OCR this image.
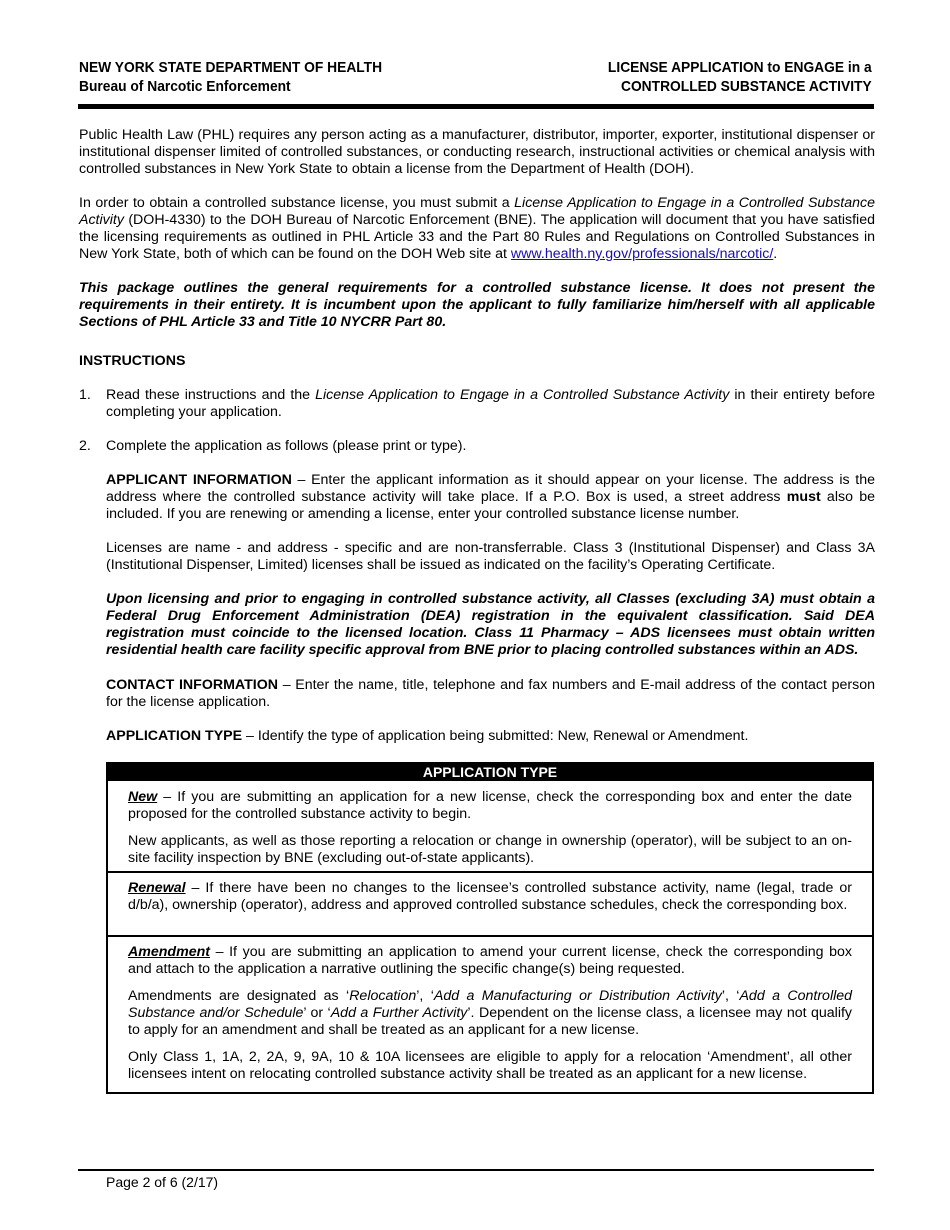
NEW YORK STATE DEPARTMENT OF HEALTH
Bureau of Narcotic Enforcement
LICENSE APPLICATION to ENGAGE in a
CONTROLLED SUBSTANCE ACTIVITY

Public Health Law (PHL) requires any person acting as a manufacturer, distributor, importer, exporter, institutional dispenser or institutional dispenser limited of controlled substances, or conducting research, instructional activities or chemical analysis with controlled substances in New York State to obtain a license from the Department of Health (DOH).

In order to obtain a controlled substance license, you must submit a License Application to Engage in a Controlled Substance Activity (DOH-4330) to the DOH Bureau of Narcotic Enforcement (BNE). The application will document that you have satisfied the licensing requirements as outlined in PHL Article 33 and the Part 80 Rules and Regulations on Controlled Substances in New York State, both of which can be found on the DOH Web site at www.health.ny.gov/professionals/narcotic/.

This package outlines the general requirements for a controlled substance license. It does not present the requirements in their entirety. It is incumbent upon the applicant to fully familiarize him/herself with all applicable Sections of PHL Article 33 and Title 10 NYCRR Part 80.

INSTRUCTIONS
1. Read these instructions and the License Application to Engage in a Controlled Substance Activity in their entirety before completing your application.

2. Complete the application as follows (please print or type).

APPLICANT INFORMATION – Enter the applicant information as it should appear on your license. The address is the address where the controlled substance activity will take place. If a P.O. Box is used, a street address must also be included. If you are renewing or amending a license, enter your controlled substance license number.

Licenses are name - and address - specific and are non-transferrable. Class 3 (Institutional Dispenser) and Class 3A (Institutional Dispenser, Limited) licenses shall be issued as indicated on the facility’s Operating Certificate.

Upon licensing and prior to engaging in controlled substance activity, all Classes (excluding 3A) must obtain a Federal Drug Enforcement Administration (DEA) registration in the equivalent classification. Said DEA registration must coincide to the licensed location. Class 11 Pharmacy – ADS licensees must obtain written residential health care facility specific approval from BNE prior to placing controlled substances within an ADS.

CONTACT INFORMATION – Enter the name, title, telephone and fax numbers and E-mail address of the contact person for the license application.

APPLICATION TYPE – Identify the type of application being submitted: New, Renewal or Amendment.

APPLICATION TYPE

New – If you are submitting an application for a new license, check the corresponding box and enter the date proposed for the controlled substance activity to begin.

New applicants, as well as those reporting a relocation or change in ownership (operator), will be subject to an on-site facility inspection by BNE (excluding out-of-state applicants).

Renewal – If there have been no changes to the licensee’s controlled substance activity, name (legal, trade or d/b/a), ownership (operator), address and approved controlled substance schedules, check the corresponding box.

Amendment – If you are submitting an application to amend your current license, check the corresponding box and attach to the application a narrative outlining the specific change(s) being requested.

Amendments are designated as ‘Relocation’, ‘Add a Manufacturing or Distribution Activity’, ‘Add a Controlled Substance and/or Schedule’ or ‘Add a Further Activity’. Dependent on the license class, a licensee may not qualify to apply for an amendment and shall be treated as an applicant for a new license.

Only Class 1, 1A, 2, 2A, 9, 9A, 10 & 10A licensees are eligible to apply for a relocation ‘Amendment’, all other licensees intent on relocating controlled substance activity shall be treated as an applicant for a new license.

Page 2 of 6 (2/17)
